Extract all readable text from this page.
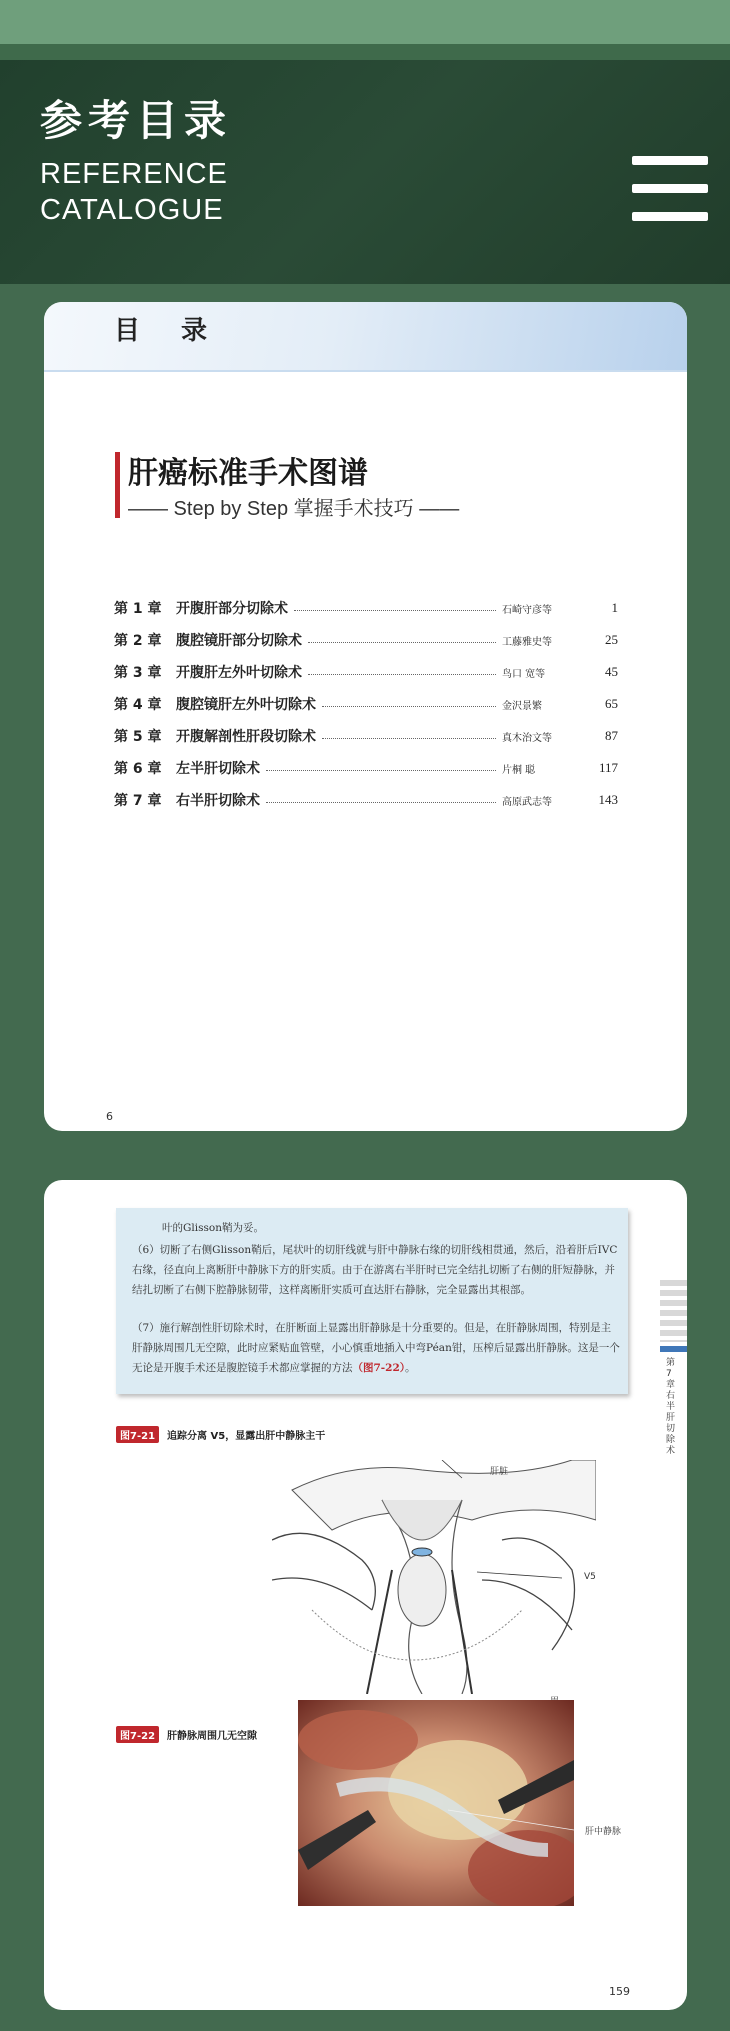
参考目录
REFERENCE
CATALOGUE
目 录
肝癌标准手术图谱
—— Step by Step 掌握手术技巧 ——
第 1 章	开腹肝部分切除术	石崎守彦等	1
第 2 章	腹腔镜肝部分切除术	工藤雅史等	25
第 3 章	开腹肝左外叶切除术	鸟口 宽等	45
第 4 章	腹腔镜肝左外叶切除术	金沢景繁	65
第 5 章	开腹解剖性肝段切除术	真木治文等	87
第 6 章	左半肝切除术	片桐 聪	117
第 7 章	右半肝切除术	高原武志等	143
6

叶的Glisson鞘为妥。

（6）切断了右侧Glisson鞘后，尾状叶的切肝线就与肝中静脉右缘的切肝线相贯通，然后，沿着肝后IVC右缘，径直向上离断肝中静脉下方的肝实质。由于在游离右半肝时已完全结扎切断了右侧的肝短静脉，并结扎切断了右侧下腔静脉韧带，这样离断肝实质可直达肝右静脉，完全显露出其根部。

（7）施行解剖性肝切除术时，在肝断面上显露出肝静脉是十分重要的。但是，在肝静脉周围，特别是主肝静脉周围几无空隙，此时应紧贴血管壁，小心慎重地插入中弯Péan钳，压榨后显露出肝静脉。这是一个无论是开腹手术还是腹腔镜手术都应掌握的方法（图7-22）。	第 7 章 右半肝切除术
图7-21 追踪分离 V5，显露出肝中静脉主干
肝脏
V5
图7-22 肝静脉周围几无空隙
肝中静脉
159
